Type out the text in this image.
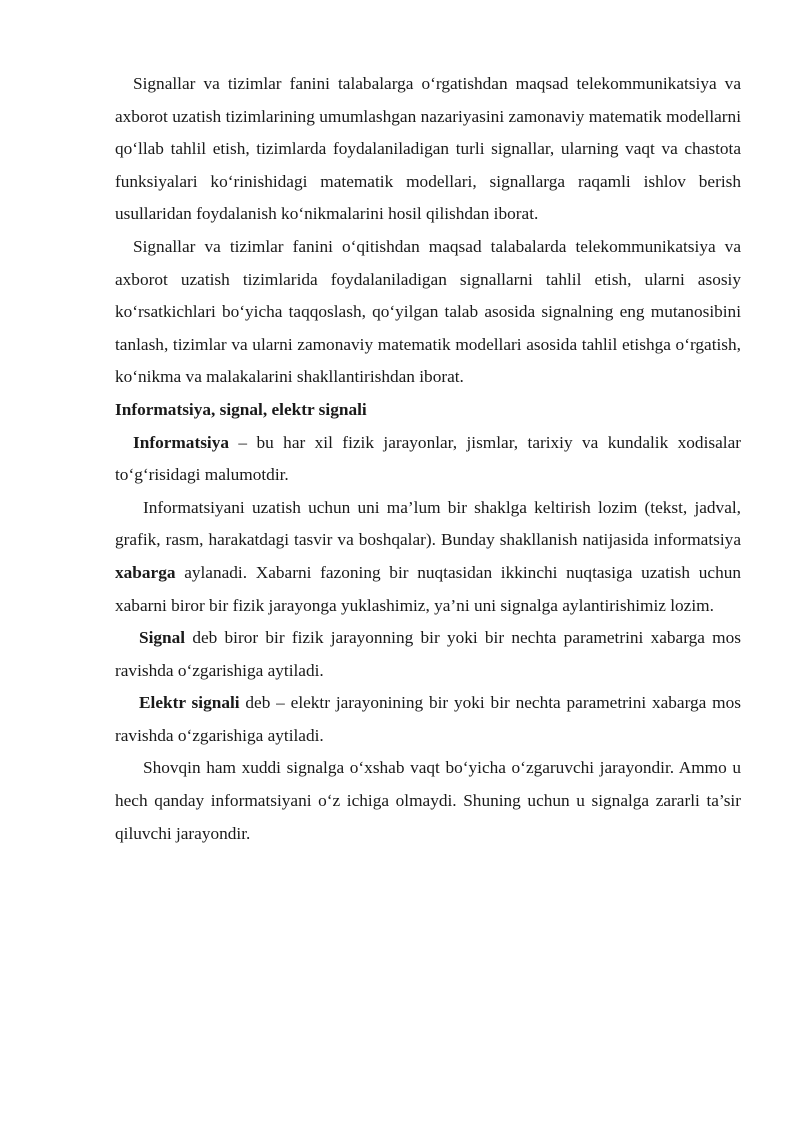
Signallar va tizimlar fanini talabalarga o‘rgatishdan maqsad telekommunikatsiya va axborot uzatish tizimlarining umumlashgan nazariyasini zamonaviy matematik modellarni qo‘llab tahlil etish, tizimlarda foydalaniladigan turli signallar, ularning vaqt va chastota funksiyalari ko‘rinishidagi matematik modellari, signallarga raqamli ishlov berish usullaridan foydalanish ko‘nikmalarini hosil qilishdan iborat.

Signallar va tizimlar fanini o‘qitishdan maqsad talabalarda telekommunikatsiya va axborot uzatish tizimlarida foydalaniladigan signallarni tahlil etish, ularni asosiy ko‘rsatkichlari bo‘yicha taqqoslash, qo‘yilgan talab asosida signalning eng mutanosibini tanlash, tizimlar va ularni zamonaviy matematik modellari asosida tahlil etishga o‘rgatish, ko‘nikma va malakalarini shakllantirishdan iborat.

Informatsiya, signal, elektr signali

Informatsiya – bu har xil fizik jarayonlar, jismlar, tarixiy va kundalik xodisalar to‘g‘risidagi malumotdir.

Informatsiyani uzatish uchun uni ma’lum bir shaklga keltirish lozim (tekst, jadval, grafik, rasm, harakatdagi tasvir va boshqalar). Bunday shakllanish natijasida informatsiya xabarga aylanadi. Xabarni fazoning bir nuqtasidan ikkinchi nuqtasiga uzatish uchun xabarni biror bir fizik jarayonga yuklashimiz, ya’ni uni signalga aylantirishimiz lozim.

Signal deb biror bir fizik jarayonning bir yoki bir nechta parametrini xabarga mos ravishda o‘zgarishiga aytiladi.

Elektr signali deb – elektr jarayonining bir yoki bir nechta parametrini xabarga mos ravishda o‘zgarishiga aytiladi.

Shovqin ham xuddi signalga o‘xshab vaqt bo‘yicha o‘zgaruvchi jarayondir. Ammo u hech qanday informatsiyani o‘z ichiga olmaydi. Shuning uchun u signalga zararli ta’sir qiluvchi jarayondir.
